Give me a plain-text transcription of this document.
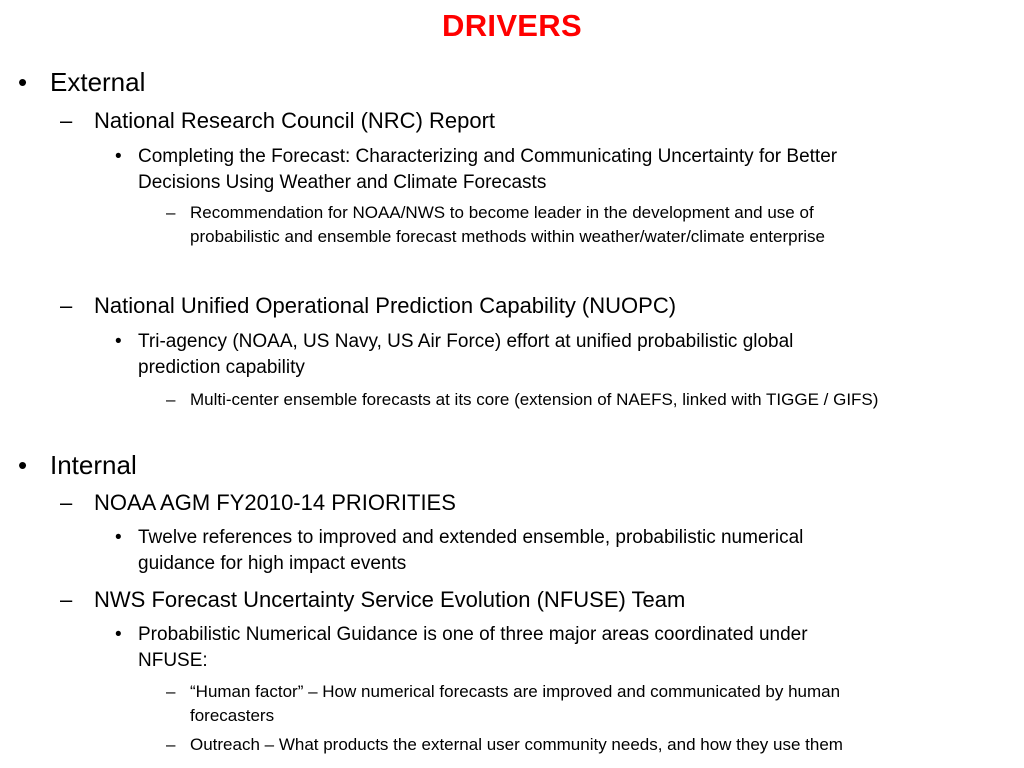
DRIVERS
• External
– National Research Council (NRC) Report
• Completing the Forecast: Characterizing and Communicating Uncertainty for Better
Decisions Using Weather and Climate Forecasts
– Recommendation for NOAA/NWS to become leader in the development and use of
probabilistic and ensemble forecast methods within weather/water/climate enterprise
– National Unified Operational Prediction Capability (NUOPC)
• Tri-agency (NOAA, US Navy, US Air Force) effort at unified probabilistic global
prediction capability
– Multi-center ensemble forecasts at its core (extension of NAEFS, linked with TIGGE / GIFS)
• Internal
– NOAA AGM FY2010-14 PRIORITIES
• Twelve references to improved and extended ensemble, probabilistic numerical
guidance for high impact events
– NWS Forecast Uncertainty Service Evolution (NFUSE) Team
• Probabilistic Numerical Guidance is one of three major areas coordinated under
NFUSE:
– “Human factor” – How numerical forecasts are improved and communicated by human
forecasters
– Outreach – What products the external user community needs, and how they use them
